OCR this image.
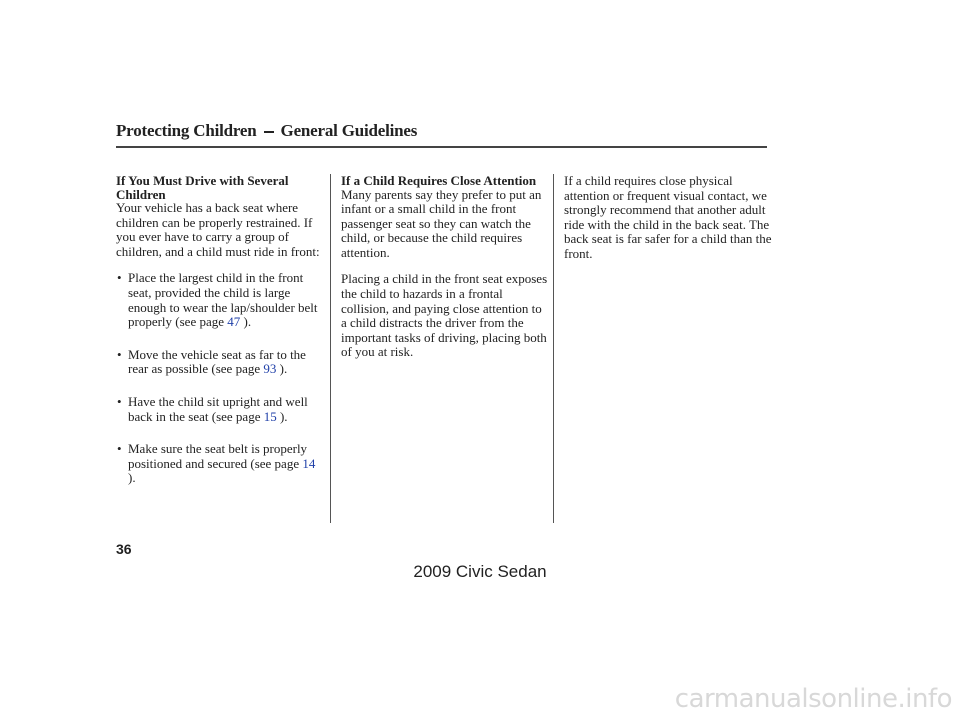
Protecting Children General Guidelines
If You Must Drive with Several Children

Your vehicle has a back seat where children can be properly restrained. If you ever have to carry a group of children, and a child must ride in front:

• Place the largest child in the front seat, provided the child is large enough to wear the lap/shoulder belt properly (see page 47 ).
• Move the vehicle seat as far to the rear as possible (see page 93 ).
• Have the child sit upright and well back in the seat (see page 15 ).
• Make sure the seat belt is properly positioned and secured (see page 14 ).
If a Child Requires Close Attention

Many parents say they prefer to put an infant or a small child in the front passenger seat so they can watch the child, or because the child requires attention.

Placing a child in the front seat exposes the child to hazards in a frontal collision, and paying close attention to a child distracts the driver from the important tasks of driving, placing both of you at risk.

If a child requires close physical attention or frequent visual contact, we strongly recommend that another adult ride with the child in the back seat. The back seat is far safer for a child than the front.

36
2009 Civic Sedan
carmanualsonline.info
